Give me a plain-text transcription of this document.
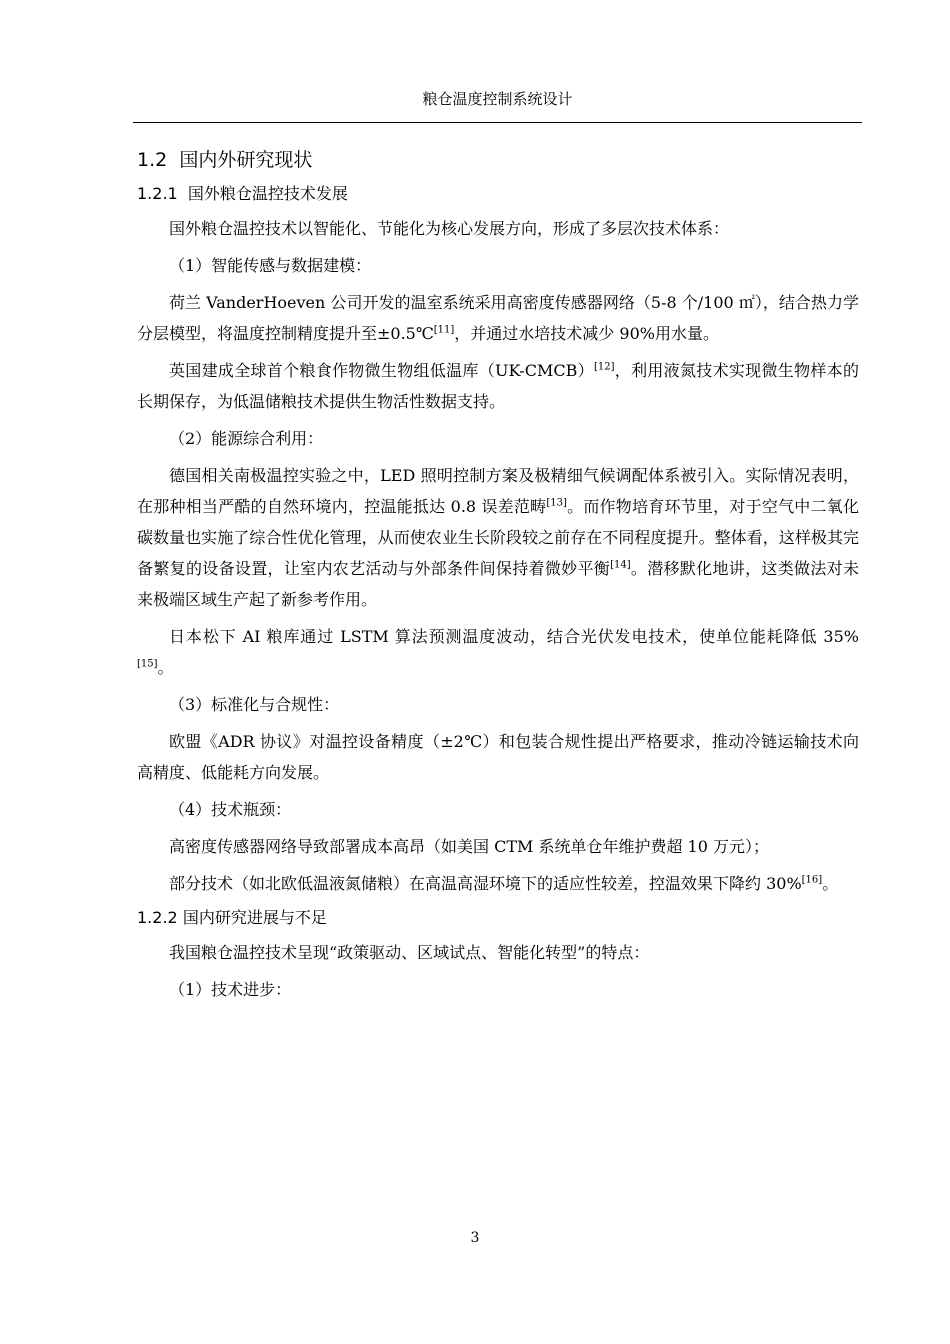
粮仓温度控制系统设计
1.2 国内外研究现状
1.2.1 国外粮仓温控技术发展

国外粮仓温控技术以智能化、节能化为核心发展方向，形成了多层次技术体系：

（1）智能传感与数据建模：

荷兰 VanderHoeven 公司开发的温室系统采用高密度传感器网络（5-8 个/100 ㎡），结合热力学分层模型，将温度控制精度提升至±0.5℃[11]，并通过水培技术减少 90%用水量。

英国建成全球首个粮食作物微生物组低温库（UK-CMCB）[12]，利用液氮技术实现微生物样本的长期保存，为低温储粮技术提供生物活性数据支持。

（2）能源综合利用：

德国相关南极温控实验之中，LED 照明控制方案及极精细气候调配体系被引入。实际情况表明，在那种相当严酷的自然环境内，控温能抵达 0.8 误差范畴[13]。而作物培育环节里，对于空气中二氧化碳数量也实施了综合性优化管理，从而使农业生长阶段较之前存在不同程度提升。整体看，这样极其完备繁复的设备设置，让室内农艺活动与外部条件间保持着微妙平衡[14]。潜移默化地讲，这类做法对未来极端区域生产起了新参考作用。

日本松下 AI 粮库通过 LSTM 算法预测温度波动，结合光伏发电技术，使单位能耗降低 35%[15]。

（3）标准化与合规性：

欧盟《ADR 协议》对温控设备精度（±2℃）和包装合规性提出严格要求，推动冷链运输技术向高精度、低能耗方向发展。

（4）技术瓶颈：

高密度传感器网络导致部署成本高昂（如美国 CTM 系统单仓年维护费超 10 万元）；

部分技术（如北欧低温液氮储粮）在高温高湿环境下的适应性较差，控温效果下降约 30%[16]。

1.2.2 国内研究进展与不足

我国粮仓温控技术呈现“政策驱动、区域试点、智能化转型”的特点：

（1）技术进步：

3
